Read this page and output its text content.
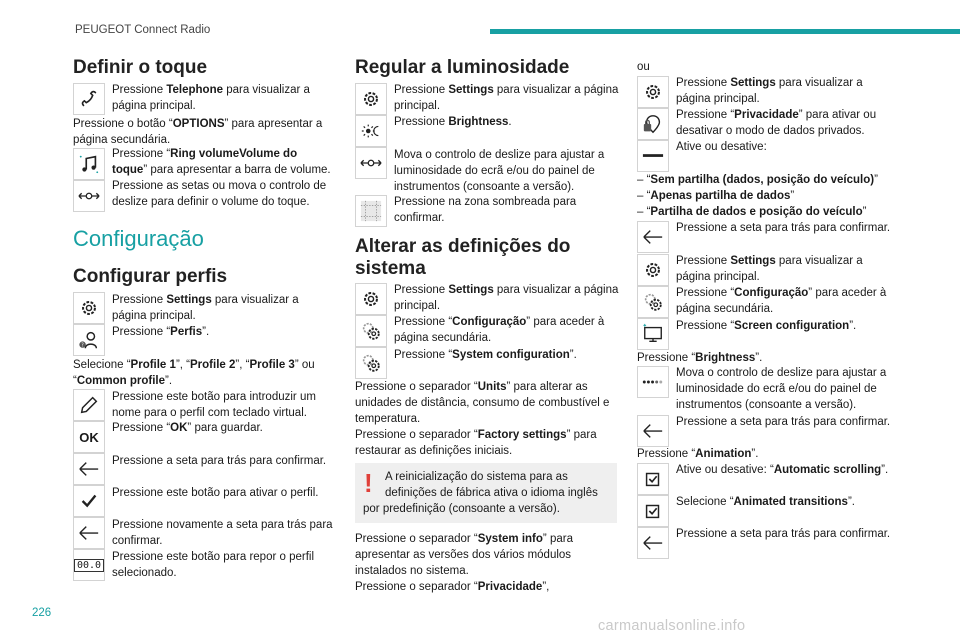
PEUGEOT Connect Radio
Definir o toque
Pressione Telephone para visualizar a página principal.
Pressione o botão “OPTIONS” para apresentar a página secundária.
Pressione “Ring volumeVolume do toque” para apresentar a barra de volume.
Pressione as setas ou mova o controlo de deslize para definir o volume do toque.
Configuração
Configurar perfis
Pressione Settings para visualizar a página principal.
?
Pressione “Perfis”.
Selecione “Profile 1”, “Profile 2”, “Profile 3” ou “Common profile”.
Pressione este botão para introduzir um nome para o perfil com teclado virtual.
OK
Pressione “OK” para guardar.
Pressione a seta para trás para confirmar.
Pressione este botão para ativar o perfil.
Pressione novamente a seta para trás para confirmar.
00.0
Pressione este botão para repor o perfil selecionado.
Regular a luminosidade
Pressione Settings para visualizar a página principal.
Pressione Brightness.
Mova o controlo de deslize para ajustar a luminosidade do ecrã e/ou do painel de instrumentos (consoante a versão).
Pressione na zona sombreada para confirmar.
Alterar as definições do sistema
Pressione Settings para visualizar a página principal.
Pressione “Configuração” para aceder à página secundária.
Pressione “System configuration”.
Pressione o separador “Units” para alterar as unidades de distância, consumo de combustível e temperatura.
Pressione o separador “Factory settings” para restaurar as definições iniciais.
! A reinicialização do sistema para as definições de fábrica ativa o idioma inglês
por predefinição (consoante a versão).
Pressione o separador “System info” para apresentar as versões dos vários módulos instalados no sistema.
Pressione o separador “Privacidade”,
ou
Pressione Settings para visualizar a página principal.
Pressione “Privacidade” para ativar ou desativar o modo de dados privados.
Ative ou desative:
– “Sem partilha (dados, posição do veículo)”
– “Apenas partilha de dados”
– “Partilha de dados e posição do veículo”
Pressione a seta para trás para confirmar.
Pressione Settings para visualizar a página principal.
Pressione “Configuração” para aceder à página secundária.
Pressione “Screen configuration”.
Pressione “Brightness”.
Mova o controlo de deslize para ajustar a luminosidade do ecrã e/ou do painel de instrumentos (consoante a versão).
Pressione a seta para trás para confirmar.
Pressione “Animation”.
Ative ou desative: “Automatic scrolling”.
Selecione “Animated transitions”.
Pressione a seta para trás para confirmar.
226
carmanualsonline.info
